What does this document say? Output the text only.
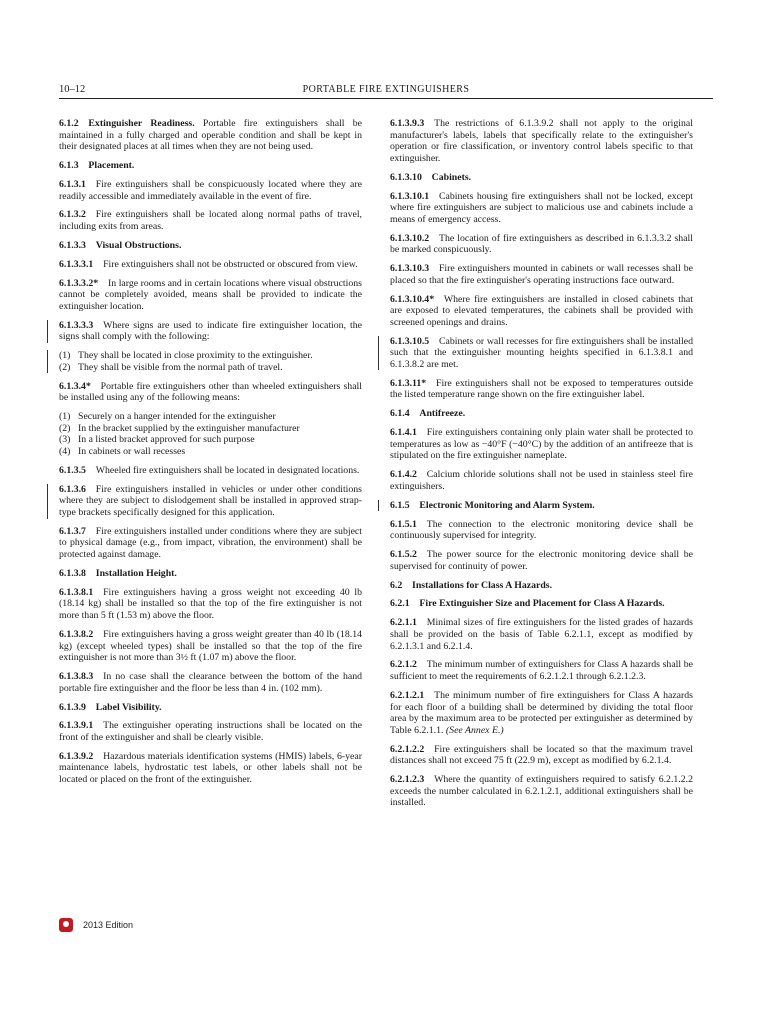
10–12	PORTABLE FIRE EXTINGUISHERS

6.1.2  Extinguisher Readiness. Portable fire extinguishers shall be maintained in a fully charged and operable condition and shall be kept in their designated places at all times when they are not being used.

6.1.3  Placement.

6.1.3.1  Fire extinguishers shall be conspicuously located where they are readily accessible and immediately available in the event of fire.

6.1.3.2  Fire extinguishers shall be located along normal paths of travel, including exits from areas.

6.1.3.3  Visual Obstructions.

6.1.3.3.1  Fire extinguishers shall not be obstructed or obscured from view.

6.1.3.3.2*  In large rooms and in certain locations where visual obstructions cannot be completely avoided, means shall be provided to indicate the extinguisher location.

6.1.3.3.3  Where signs are used to indicate fire extinguisher location, the signs shall comply with the following:

(1) They shall be located in close proximity to the extinguisher.
(2) They shall be visible from the normal path of travel.

6.1.3.4*  Portable fire extinguishers other than wheeled extinguishers shall be installed using any of the following means:

(1) Securely on a hanger intended for the extinguisher
(2) In the bracket supplied by the extinguisher manufacturer
(3) In a listed bracket approved for such purpose
(4) In cabinets or wall recesses

6.1.3.5  Wheeled fire extinguishers shall be located in designated locations.

6.1.3.6  Fire extinguishers installed in vehicles or under other conditions where they are subject to dislodgement shall be installed in approved strap-type brackets specifically designed for this application.

6.1.3.7  Fire extinguishers installed under conditions where they are subject to physical damage (e.g., from impact, vibration, the environment) shall be protected against damage.

6.1.3.8  Installation Height.

6.1.3.8.1  Fire extinguishers having a gross weight not exceeding 40 lb (18.14 kg) shall be installed so that the top of the fire extinguisher is not more than 5 ft (1.53 m) above the floor.

6.1.3.8.2  Fire extinguishers having a gross weight greater than 40 lb (18.14 kg) (except wheeled types) shall be installed so that the top of the fire extinguisher is not more than 3½ ft (1.07 m) above the floor.

6.1.3.8.3  In no case shall the clearance between the bottom of the hand portable fire extinguisher and the floor be less than 4 in. (102 mm).

6.1.3.9  Label Visibility.

6.1.3.9.1  The extinguisher operating instructions shall be located on the front of the extinguisher and shall be clearly visible.

6.1.3.9.2  Hazardous materials identification systems (HMIS) labels, 6-year maintenance labels, hydrostatic test labels, or other labels shall not be located or placed on the front of the extinguisher.

6.1.3.9.3  The restrictions of 6.1.3.9.2 shall not apply to the original manufacturer's labels, labels that specifically relate to the extinguisher's operation or fire classification, or inventory control labels specific to that extinguisher.

6.1.3.10  Cabinets.

6.1.3.10.1  Cabinets housing fire extinguishers shall not be locked, except where fire extinguishers are subject to malicious use and cabinets include a means of emergency access.

6.1.3.10.2  The location of fire extinguishers as described in 6.1.3.3.2 shall be marked conspicuously.

6.1.3.10.3  Fire extinguishers mounted in cabinets or wall recesses shall be placed so that the fire extinguisher's operating instructions face outward.

6.1.3.10.4*  Where fire extinguishers are installed in closed cabinets that are exposed to elevated temperatures, the cabinets shall be provided with screened openings and drains.

6.1.3.10.5  Cabinets or wall recesses for fire extinguishers shall be installed such that the extinguisher mounting heights specified in 6.1.3.8.1 and 6.1.3.8.2 are met.

6.1.3.11*  Fire extinguishers shall not be exposed to temperatures outside the listed temperature range shown on the fire extinguisher label.

6.1.4  Antifreeze.

6.1.4.1  Fire extinguishers containing only plain water shall be protected to temperatures as low as −40°F (−40°C) by the addition of an antifreeze that is stipulated on the fire extinguisher nameplate.

6.1.4.2  Calcium chloride solutions shall not be used in stainless steel fire extinguishers.

6.1.5  Electronic Monitoring and Alarm System.

6.1.5.1  The connection to the electronic monitoring device shall be continuously supervised for integrity.

6.1.5.2  The power source for the electronic monitoring device shall be supervised for continuity of power.

6.2  Installations for Class A Hazards.

6.2.1  Fire Extinguisher Size and Placement for Class A Hazards.

6.2.1.1  Minimal sizes of fire extinguishers for the listed grades of hazards shall be provided on the basis of Table 6.2.1.1, except as modified by 6.2.1.3.1 and 6.2.1.4.

6.2.1.2  The minimum number of extinguishers for Class A hazards shall be sufficient to meet the requirements of 6.2.1.2.1 through 6.2.1.2.3.

6.2.1.2.1  The minimum number of fire extinguishers for Class A hazards for each floor of a building shall be determined by dividing the total floor area by the maximum area to be protected per extinguisher as determined by Table 6.2.1.1. (See Annex E.)

6.2.1.2.2  Fire extinguishers shall be located so that the maximum travel distances shall not exceed 75 ft (22.9 m), except as modified by 6.2.1.4.

6.2.1.2.3  Where the quantity of extinguishers required to satisfy 6.2.1.2.2 exceeds the number calculated in 6.2.1.2.1, additional extinguishers shall be installed.

2013 Edition
